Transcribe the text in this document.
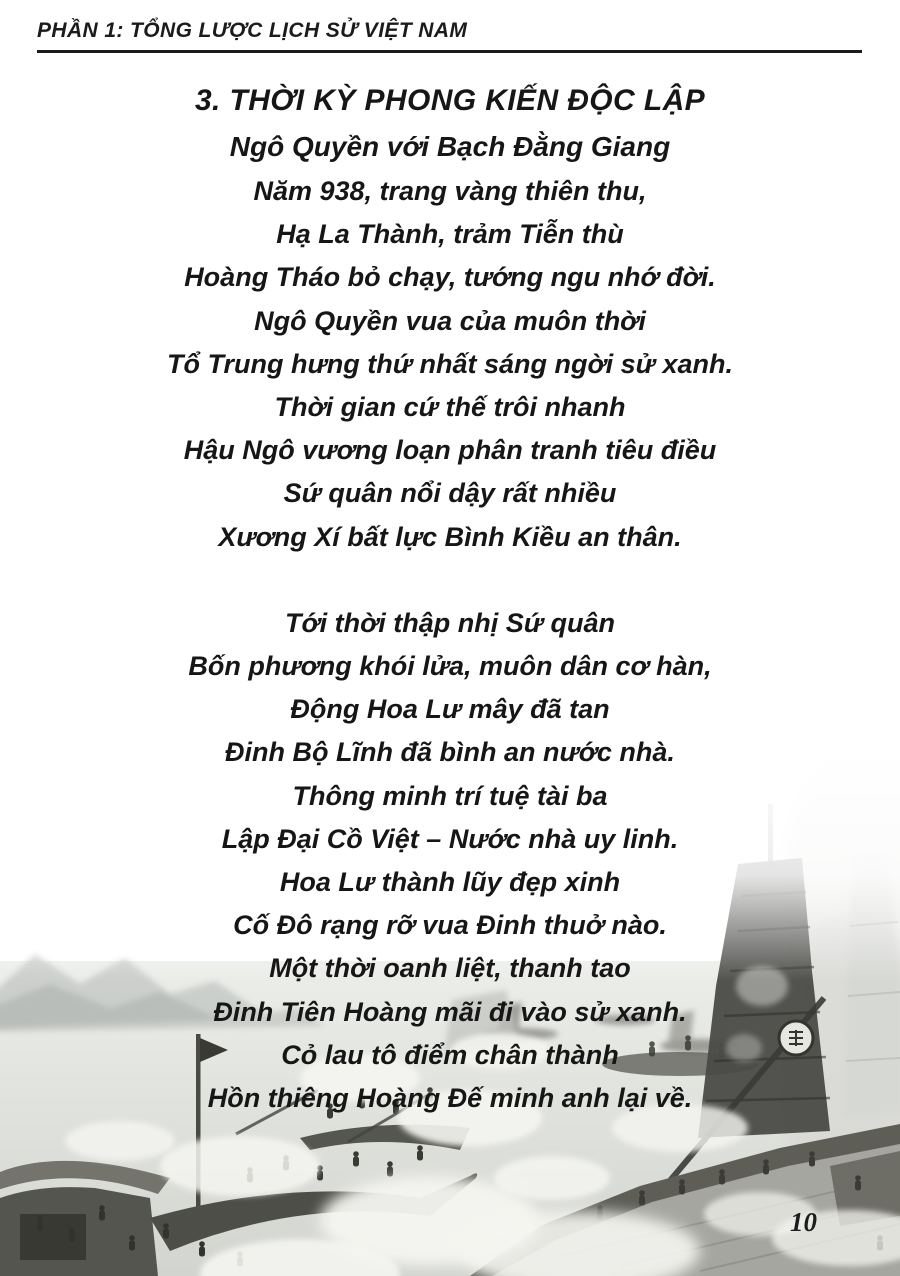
PHẦN 1: TỔNG LƯỢC LỊCH SỬ VIỆT NAM
3. THỜI KỲ PHONG KIẾN ĐỘC LẬP
Ngô Quyền với Bạch Đằng Giang
Năm 938, trang vàng thiên thu,
Hạ La Thành, trảm Tiễn thù
Hoàng Tháo bỏ chạy, tướng ngu nhớ đời.
Ngô Quyền vua của muôn thời
Tổ Trung hưng thứ nhất sáng ngời sử xanh.
Thời gian cứ thế trôi nhanh
Hậu Ngô vương loạn phân tranh tiêu điều
Sứ quân nổi dậy rất nhiều
Xương Xí bất lực Bình Kiều an thân.
Tới thời thập nhị Sứ quân
Bốn phương khói lửa, muôn dân cơ hàn,
Động Hoa Lư mây đã tan
Đinh Bộ Lĩnh đã bình an nước nhà.
Thông minh trí tuệ tài ba
Lập Đại Cồ Việt – Nước nhà uy linh.
Hoa Lư thành lũy đẹp xinh
Cố Đô rạng rỡ vua Đinh thuở nào.
Một thời oanh liệt, thanh tao
Đinh Tiên Hoàng mãi đi vào sử xanh.
Cỏ lau tô điểm chân thành
Hồn thiêng Hoàng Đế minh anh lại về.
10
